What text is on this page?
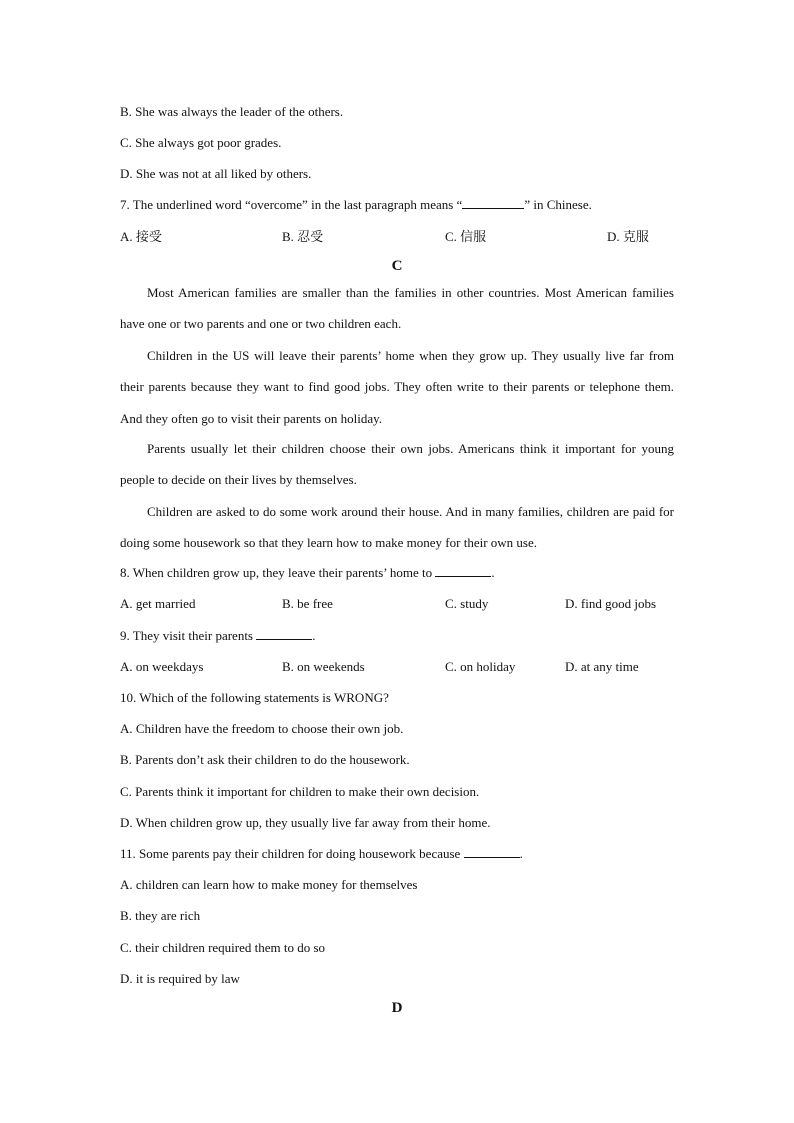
B. She was always the leader of the others.
C. She always got poor grades.
D. She was not at all liked by others.
7. The underlined word “overcome” in the last paragraph means “	” in Chinese.
A. 接受	B. 忍受	C. 信服	D. 克服
C
Most American families are smaller than the families in other countries. Most American families have one or two parents and one or two children each.
Children in the US will leave their parents’ home when they grow up. They usually live far from their parents because they want to find good jobs. They often write to their parents or telephone them. And they often go to visit their parents on holiday.
Parents usually let their children choose their own jobs. Americans think it important for young people to decide on their lives by themselves.
Children are asked to do some work around their house. And in many families, children are paid for doing some housework so that they learn how to make money for their own use.
8. When children grow up, they leave their parents’ home to	.
A. get married	B. be free	C. study	D. find good jobs
9. They visit their parents	.
A. on weekdays	B. on weekends	C. on holiday	D. at any time
10. Which of the following statements is WRONG?
A. Children have the freedom to choose their own job.
B. Parents don’t ask their children to do the housework.
C. Parents think it important for children to make their own decision.
D. When children grow up, they usually live far away from their home.
11. Some parents pay their children for doing housework because	.
A. children can learn how to make money for themselves
B. they are rich
C. their children required them to do so
D. it is required by law
D
